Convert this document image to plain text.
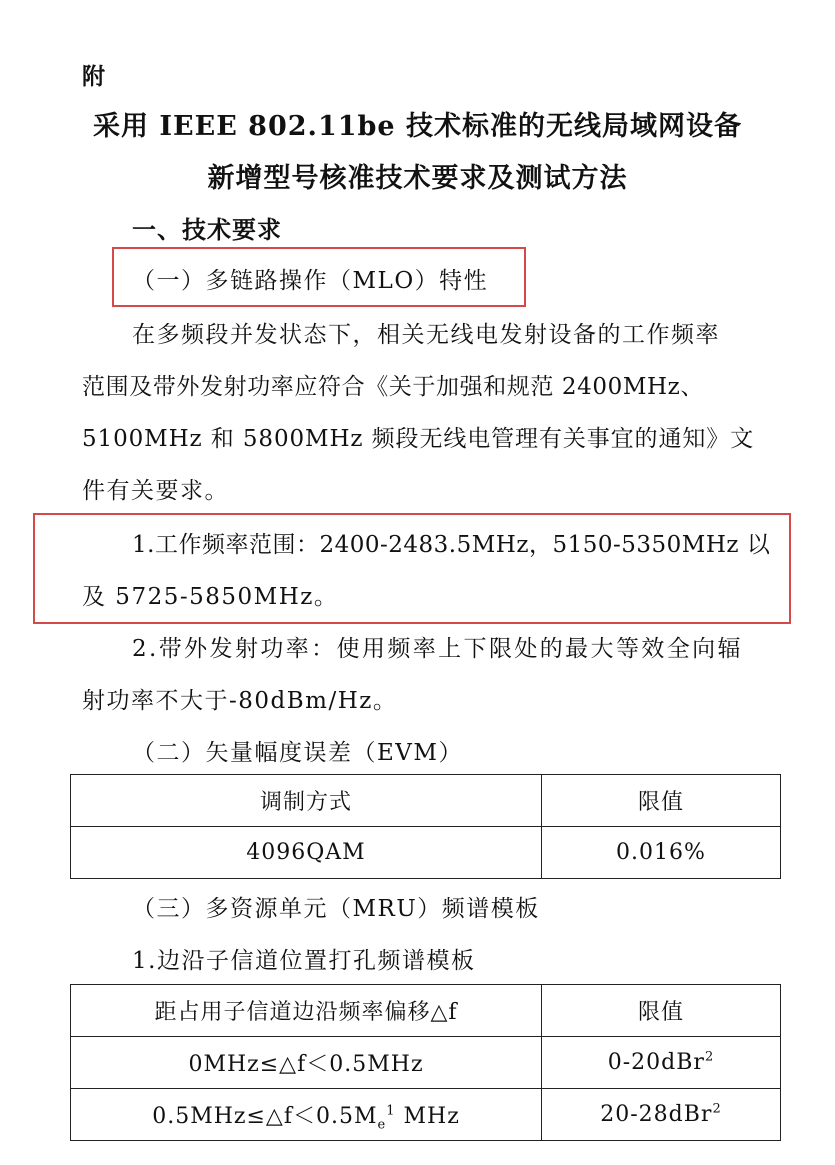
附
采用 IEEE 802.11be 技术标准的无线局域网设备
新增型号核准技术要求及测试方法
一、技术要求
（一）多链路操作（MLO）特性
在多频段并发状态下，相关无线电发射设备的工作频率
范围及带外发射功率应符合《关于加强和规范 2400MHz、
5100MHz 和 5800MHz 频段无线电管理有关事宜的通知》文
件有关要求。
1.工作频率范围：2400-2483.5MHz，5150-5350MHz 以
及 5725-5850MHz。
2.带外发射功率：使用频率上下限处的最大等效全向辐
射功率不大于-80dBm/Hz。
（二）矢量幅度误差（EVM）
调制方式	限值
4096QAM	0.016%
（三）多资源单元（MRU）频谱模板
1.边沿子信道位置打孔频谱模板
距占用子信道边沿频率偏移△f	限值
0MHz≤△f＜0.5MHz	0-20dBr$^2$
$0.5MHz\le\triangle f<0.5M_e^1$ MHz	20-28dBr$^2$
